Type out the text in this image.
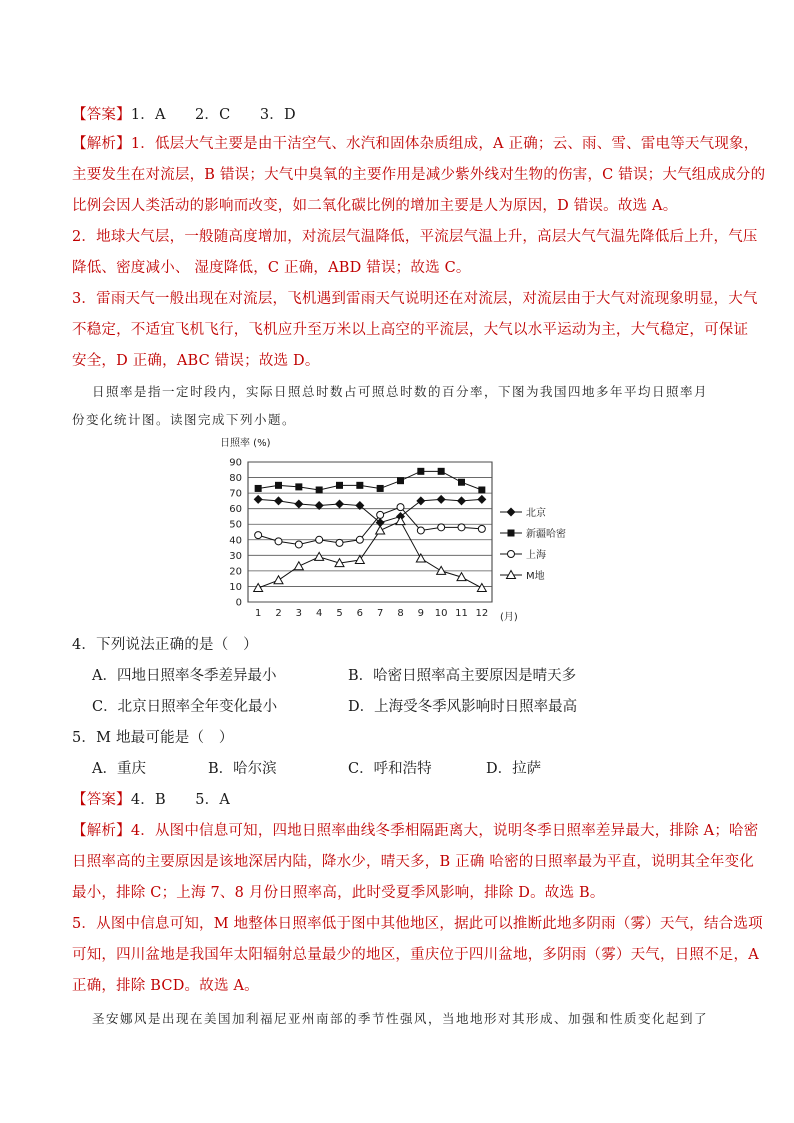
【答案】1．A　　2．C　　3．D
【解析】1．低层大气主要是由干洁空气、水汽和固体杂质组成，A 正确；云、雨、雪、雷电等天气现象，
主要发生在对流层，B 错误；大气中臭氧的主要作用是减少紫外线对生物的伤害，C 错误；大气组成成分的
比例会因人类活动的影响而改变，如二氧化碳比例的增加主要是人为原因，D 错误。故选 A。
2．地球大气层，一般随高度增加，对流层气温降低，平流层气温上升，高层大气气温先降低后上升，气压
降低、密度减小、 湿度降低，C 正确，ABD 错误；故选 C。
3．雷雨天气一般出现在对流层，飞机遇到雷雨天气说明还在对流层，对流层由于大气对流现象明显，大气
不稳定，不适宜飞机飞行，飞机应升至万米以上高空的平流层，大气以水平运动为主，大气稳定，可保证
安全，D 正确，ABC 错误；故选 D。
日照率是指一定时段内，实际日照总时数占可照总时数的百分率，下图为我国四地多年平均日照率月
份变化统计图。读图完成下列小题。
日照率 (%)
0
10
20
30
40
50
60
70
80
90
1 2 3 4 5 6 7 8 9 10 11 12
北京
新疆哈密
上海
M地
(月)
4．下列说法正确的是（　）
A．四地日照率冬季差异最小	B．哈密日照率高主要原因是晴天多
C．北京日照率全年变化最小	D．上海受冬季风影响时日照率最高
5．M 地最可能是（　）
A．重庆	B．哈尔滨	C．呼和浩特	D．拉萨
【答案】4．B　　5．A
【解析】4．从图中信息可知，四地日照率曲线冬季相隔距离大，说明冬季日照率差异最大，排除 A；哈密
日照率高的主要原因是该地深居内陆，降水少，晴天多，B 正确 哈密的日照率最为平直，说明其全年变化
最小，排除 C；上海 7、8 月份日照率高，此时受夏季风影响，排除 D。故选 B。
5．从图中信息可知，M 地整体日照率低于图中其他地区，据此可以推断此地多阴雨（雾）天气，结合选项
可知，四川盆地是我国年太阳辐射总量最少的地区，重庆位于四川盆地，多阴雨（雾）天气，日照不足，A
正确，排除 BCD。故选 A。
圣安娜风是出现在美国加利福尼亚州南部的季节性强风，当地地形对其形成、加强和性质变化起到了
